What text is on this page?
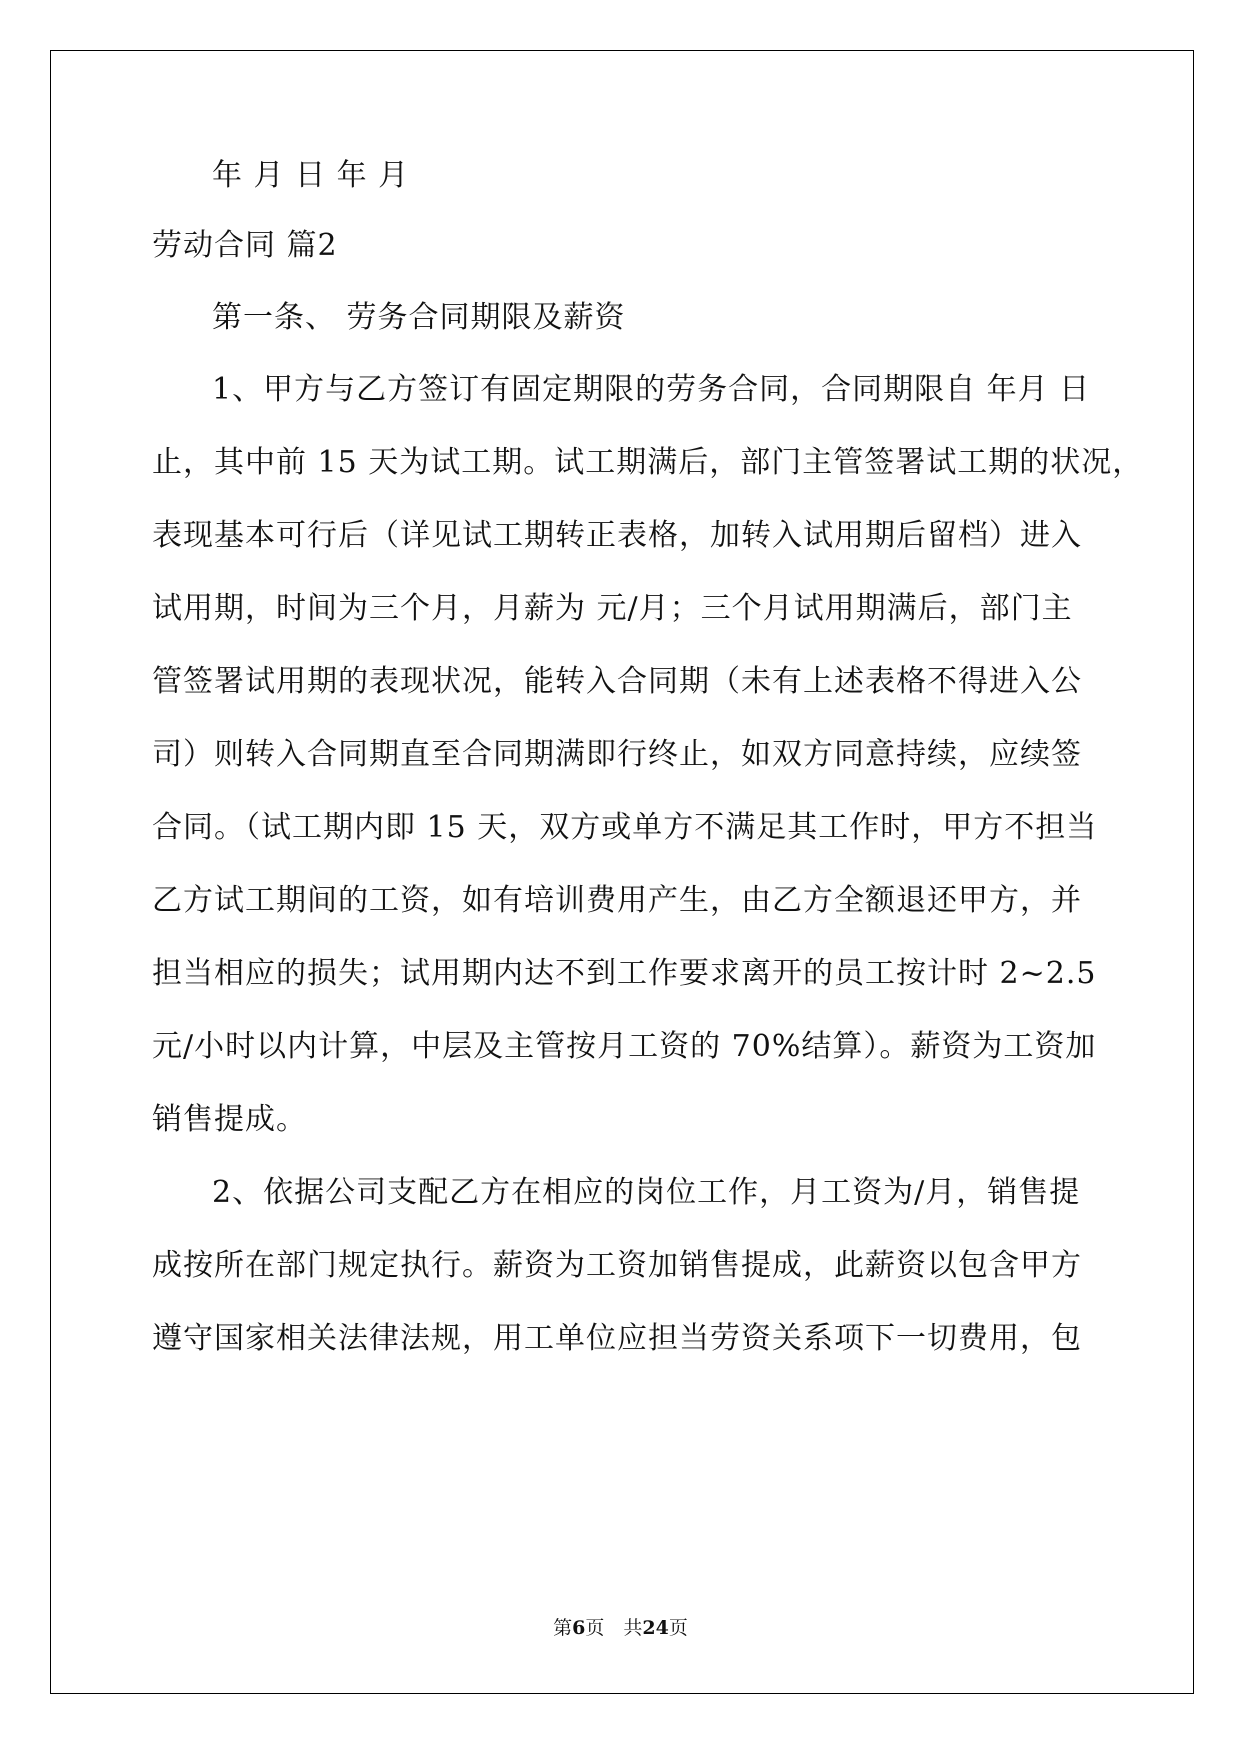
年 月 日 年 月

劳动合同 篇2

第一条、 劳务合同期限及薪资

1、甲方与乙方签订有固定期限的劳务合同，合同期限自 年月 日

止，其中前 15 天为试工期。试工期满后，部门主管签署试工期的状况，

表现基本可行后（详见试工期转正表格，加转入试用期后留档）进入

试用期，时间为三个月，月薪为 元/月；三个月试用期满后，部门主

管签署试用期的表现状况，能转入合同期（未有上述表格不得进入公

司）则转入合同期直至合同期满即行终止，如双方同意持续，应续签

合同。（试工期内即 15 天，双方或单方不满足其工作时，甲方不担当

乙方试工期间的工资，如有培训费用产生，由乙方全额退还甲方，并

担当相应的损失；试用期内达不到工作要求离开的员工按计时 2~2.5

元/小时以内计算，中层及主管按月工资的 70%结算）。薪资为工资加

销售提成。

2、依据公司支配乙方在相应的岗位工作，月工资为/月，销售提

成按所在部门规定执行。薪资为工资加销售提成，此薪资以包含甲方

遵守国家相关法律法规，用工单位应担当劳资关系项下一切费用，包

第6页　共24页
